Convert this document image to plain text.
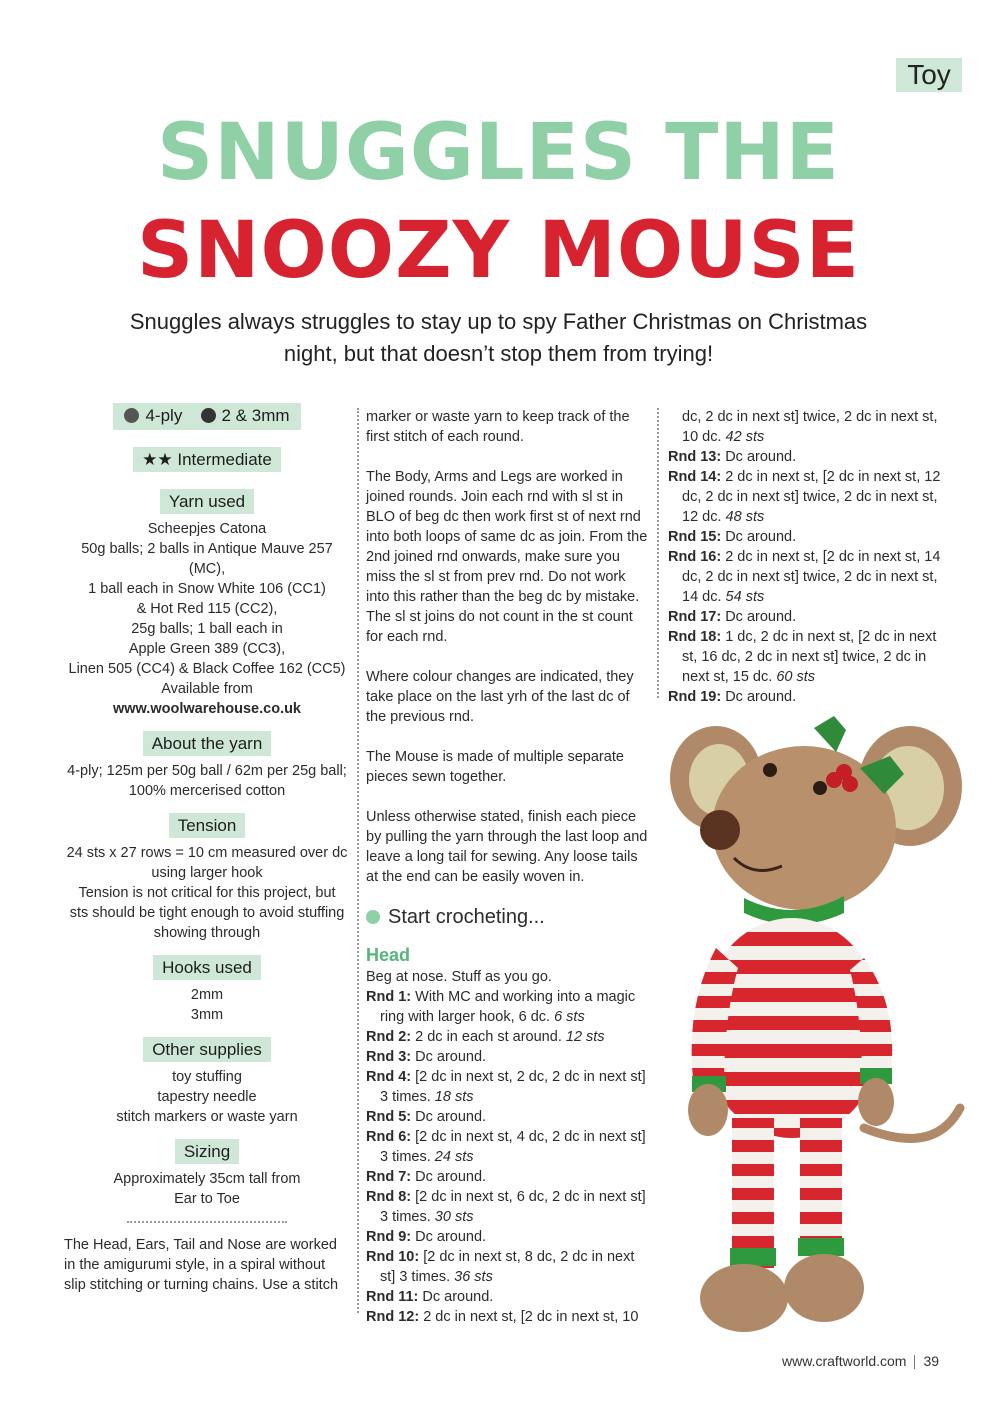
Toy
SNUGGLES THE
SNOOZY MOUSE
Snuggles always struggles to stay up to spy Father Christmas on Christmas night, but that doesn’t stop them from trying!
4-ply
2 & 3mm

★★ Intermediate
Yarn used
Scheepjes Catona
50g balls; 2 balls in Antique Mauve 257 (MC),
1 ball each in Snow White 106 (CC1)
& Hot Red 115 (CC2),
25g balls; 1 ball each in
Apple Green 389 (CC3),
Linen 505 (CC4) & Black Coffee 162 (CC5)
Available from
www.woolwarehouse.co.uk
About the yarn
4-ply; 125m per 50g ball / 62m per 25g ball;
100% mercerised cotton
Tension
24 sts x 27 rows = 10 cm measured over dc
using larger hook
Tension is not critical for this project, but
sts should be tight enough to avoid stuffing
showing through
Hooks used
2mm
3mm
Other supplies
toy stuffing
tapestry needle
stitch markers or waste yarn
Sizing
Approximately 35cm tall from
Ear to Toe
The Head, Ears, Tail and Nose are worked in the amigurumi style, in a spiral without slip stitching or turning chains. Use a stitch
marker or waste yarn to keep track of the first stitch of each round.
The Body, Arms and Legs are worked in joined rounds. Join each rnd with sl st in BLO of beg dc then work first st of next rnd into both loops of same dc as join. From the 2nd joined rnd onwards, make sure you miss the sl st from prev rnd. Do not work into this rather than the beg dc by mistake. The sl st joins do not count in the st count for each rnd.
Where colour changes are indicated, they take place on the last yrh of the last dc of the previous rnd.
The Mouse is made of multiple separate pieces sewn together.
Unless otherwise stated, finish each piece by pulling the yarn through the last loop and leave a long tail for sewing. Any loose tails at the end can be easily woven in.
Start crocheting...
Head
Beg at nose. Stuff as you go.
Rnd 1: With MC and working into a magic ring with larger hook, 6 dc. 6 sts
Rnd 2: 2 dc in each st around. 12 sts
Rnd 3: Dc around.
Rnd 4: [2 dc in next st, 2 dc, 2 dc in next st] 3 times. 18 sts
Rnd 5: Dc around.
Rnd 6: [2 dc in next st, 4 dc, 2 dc in next st] 3 times. 24 sts
Rnd 7: Dc around.
Rnd 8: [2 dc in next st, 6 dc, 2 dc in next st] 3 times. 30 sts
Rnd 9: Dc around.
Rnd 10: [2 dc in next st, 8 dc, 2 dc in next st] 3 times. 36 sts
Rnd 11: Dc around.
Rnd 12: 2 dc in next st, [2 dc in next st, 10
dc, 2 dc in next st] twice, 2 dc in next st, 10 dc. 42 sts
Rnd 13: Dc around.
Rnd 14: 2 dc in next st, [2 dc in next st, 12 dc, 2 dc in next st] twice, 2 dc in next st, 12 dc. 48 sts
Rnd 15: Dc around.
Rnd 16: 2 dc in next st, [2 dc in next st, 14 dc, 2 dc in next st] twice, 2 dc in next st, 14 dc. 54 sts
Rnd 17: Dc around.
Rnd 18: 1 dc, 2 dc in next st, [2 dc in next st, 16 dc, 2 dc in next st] twice, 2 dc in next st, 15 dc. 60 sts
Rnd 19: Dc around.
www.craftworld.com 39
